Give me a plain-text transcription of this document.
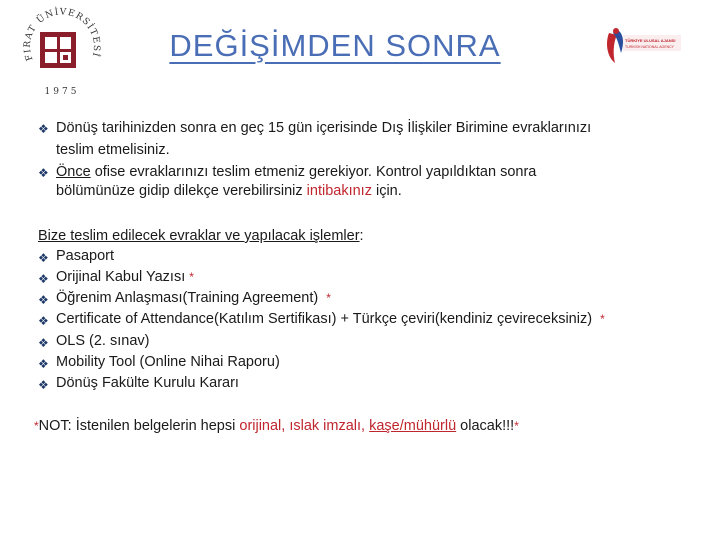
FIRAT ÜNİVERSİTESİ
1975
DEĞİŞİMDEN SONRA	TÜRKİYE ULUSAL AJANSI
TURKISH NATIONAL AGENCY
❖ Dönüş tarihinizden sonra en geç 15 gün içerisinde Dış İlişkiler Birimine evraklarınızı
teslim etmelisiniz.
❖ Önce ofise evraklarınızı teslim etmeniz gerekiyor. Kontrol yapıldıktan sonra
bölümünüze gidip dilekçe verebilirsiniz intibakınız için.
Bize teslim edilecek evraklar ve yapılacak işlemler:
❖ Pasaport
❖ Orijinal Kabul Yazısı *
❖ Öğrenim Anlaşması(Training Agreement) *
❖ Certificate of Attendance(Katılım Sertifikası) + Türkçe çeviri(kendiniz çevireceksiniz) *
❖ OLS (2. sınav)
❖ Mobility Tool (Online Nihai Raporu)
❖ Dönüş Fakülte Kurulu Kararı
*NOT: İstenilen belgelerin hepsi orijinal, ıslak imzalı, kaşe/mühürlü olacak!!!*
